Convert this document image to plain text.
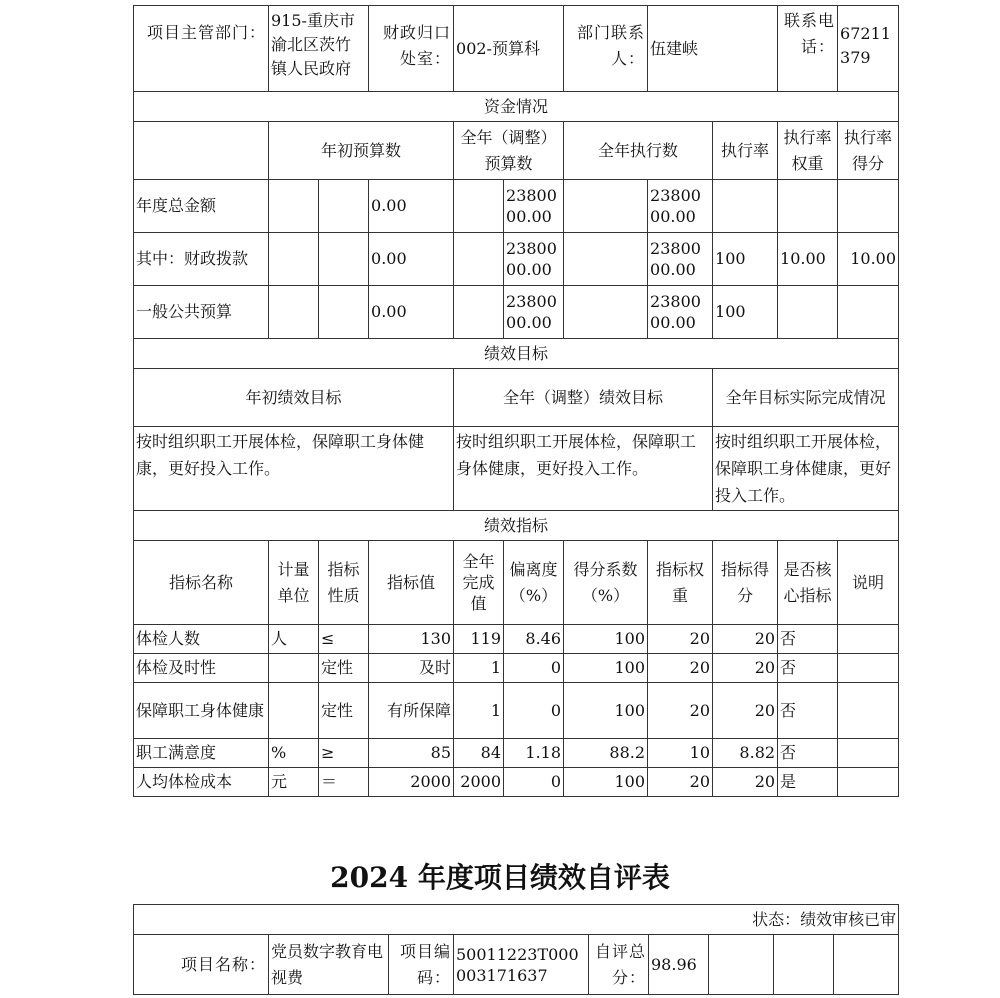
项目主管部门：	915-重庆市渝北区茨竹镇人民政府		财政归口处室：	002-预算科		部门联系人：	伍建峡		联系电话：	67211379
资金情况										
	年初预算数			全年（调整）预算数		全年执行数		执行率	执行率权重	执行率得分
年度总金额			0.00		2380000.00		2380000.00			
其中：财政拨款			0.00		2380000.00		2380000.00	100	10.00	10.00
一般公共预算			0.00		2380000.00		2380000.00	100		
绩效目标										
年初绩效目标				全年（调整）绩效目标				全年目标实际完成情况		
按时组织职工开展体检，保障职工身体健康，更好投入工作。				按时组织职工开展体检，保障职工身体健康，更好投入工作。				按时组织职工开展体检，保障职工身体健康，更好投入工作。		
绩效指标										
指标名称	计量单位	指标性质	指标值	全年完成值	偏离度（%）	得分系数（%）	指标权重	指标得分	是否核心指标	说明
体检人数	人	≤	130	119	8.46	100	20	20	否	
体检及时性		定性	及时	1	0	100	20	20	否	
保障职工身体健康		定性	有所保障	1	0	100	20	20	否	
职工满意度	%	≥	85	84	1.18	88.2	10	8.82	否	
人均体检成本	元	＝	2000	2000	0	100	20	20	是	
2024 年度项目绩效自评表
状态：绩效审核已审
项目名称：	党员数字教育电视费	项目编码：	50011223T000003171637	自评总分：	98.96			
